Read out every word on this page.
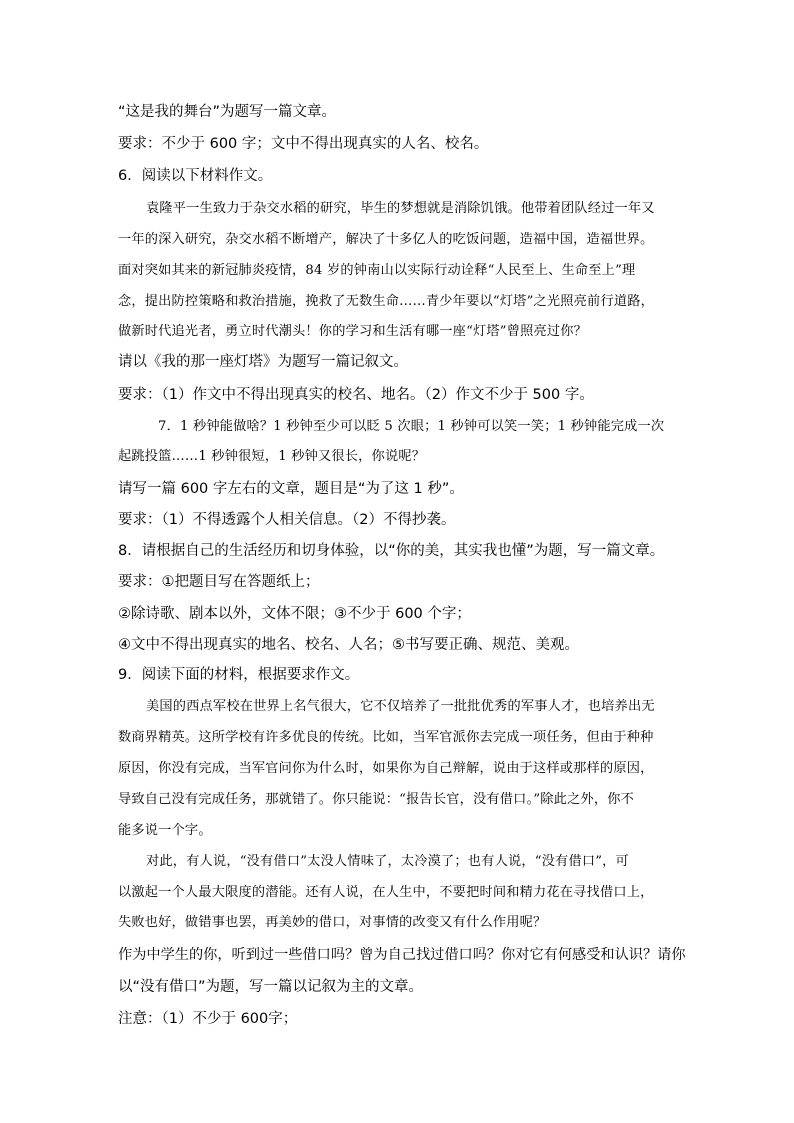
“这是我的舞台”为题写一篇文章。
要求：不少于 600 字；文中不得出现真实的人名、校名。
6．阅读以下材料作文。
袁隆平一生致力于杂交水稻的研究，毕生的梦想就是消除饥饿。他带着团队经过一年又
一年的深入研究，杂交水稻不断增产，解决了十多亿人的吃饭问题，造福中国，造福世界。
面对突如其来的新冠肺炎疫情，84 岁的钟南山以实际行动诠释“人民至上、生命至上”理
念，提出防控策略和救治措施，挽救了无数生命……青少年要以“灯塔”之光照亮前行道路，
做新时代追光者，勇立时代潮头！你的学习和生活有哪一座“灯塔”曾照亮过你？
请以《我的那一座灯塔》为题写一篇记叙文。
要求：（1）作文中不得出现真实的校名、地名。（2）作文不少于 500 字。
7．1 秒钟能做啥？1 秒钟至少可以眨 5 次眼；1 秒钟可以笑一笑；1 秒钟能完成一次
起跳投篮……1 秒钟很短，1 秒钟又很长，你说呢？
请写一篇 600 字左右的文章，题目是“为了这 1 秒”。
要求：（1）不得透露个人相关信息。（2）不得抄袭。
8．请根据自己的生活经历和切身体验，以“你的美，其实我也懂”为题，写一篇文章。
要求：①把题目写在答题纸上；
②除诗歌、剧本以外，文体不限；③不少于 600 个字；
④文中不得出现真实的地名、校名、人名；⑤书写要正确、规范、美观。
9．阅读下面的材料，根据要求作文。
美国的西点军校在世界上名气很大，它不仅培养了一批批优秀的军事人才，也培养出无
数商界精英。这所学校有许多优良的传统。比如，当军官派你去完成一项任务，但由于种种
原因，你没有完成，当军官问你为什么时，如果你为自己辩解，说由于这样或那样的原因，
导致自己没有完成任务，那就错了。你只能说：“报告长官，没有借口。”除此之外，你不
能多说一个字。
对此，有人说，“没有借口”太没人情味了，太冷漠了；也有人说，“没有借口”，可
以激起一个人最大限度的潜能。还有人说，在人生中，不要把时间和精力花在寻找借口上，
失败也好，做错事也罢，再美妙的借口，对事情的改变又有什么作用呢？
作为中学生的你，听到过一些借口吗？曾为自己找过借口吗？你对它有何感受和认识？请你
以“没有借口”为题，写一篇以记叙为主的文章。
注意：（1）不少于 600字；
